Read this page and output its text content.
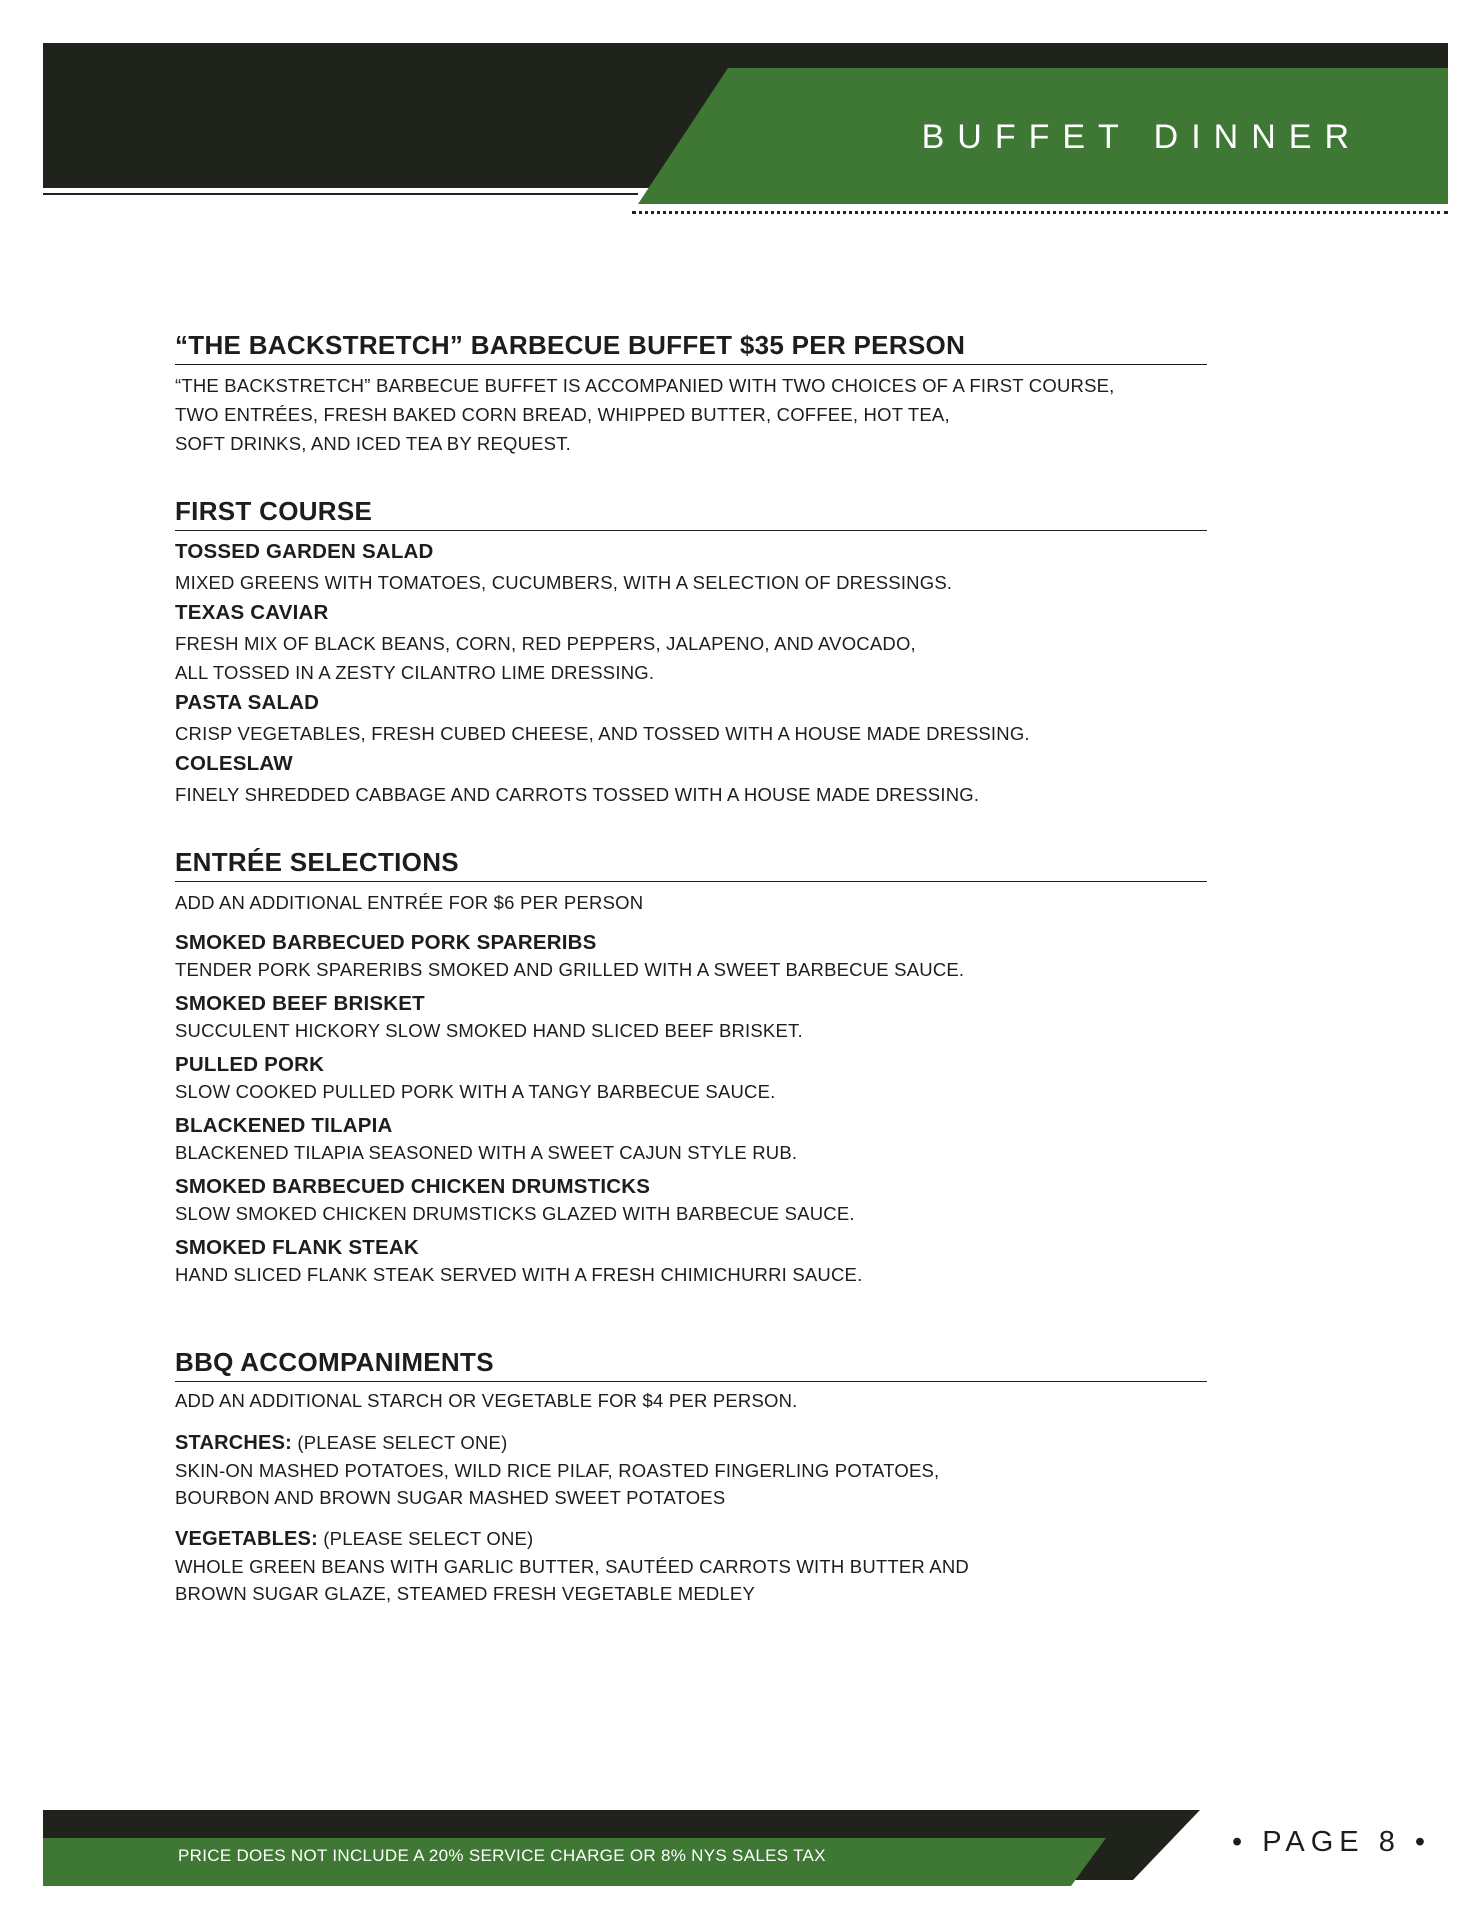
BUFFET DINNER
“THE BACKSTRETCH” BARBECUE BUFFET $35 PER PERSON

“THE BACKSTRETCH” BARBECUE BUFFET IS ACCOMPANIED WITH TWO CHOICES OF A FIRST COURSE,

TWO ENTRÉES, FRESH BAKED CORN BREAD, WHIPPED BUTTER, COFFEE, HOT TEA,

SOFT DRINKS, AND ICED TEA BY REQUEST.

FIRST COURSE

TOSSED GARDEN SALAD

MIXED GREENS WITH TOMATOES, CUCUMBERS, WITH A SELECTION OF DRESSINGS.

TEXAS CAVIAR

FRESH MIX OF BLACK BEANS, CORN, RED PEPPERS, JALAPENO, AND AVOCADO,

ALL TOSSED IN A ZESTY CILANTRO LIME DRESSING.

PASTA SALAD

CRISP VEGETABLES, FRESH CUBED CHEESE, AND TOSSED WITH A HOUSE MADE DRESSING.

COLESLAW

FINELY SHREDDED CABBAGE AND CARROTS TOSSED WITH A HOUSE MADE DRESSING.

ENTRÉE SELECTIONS

ADD AN ADDITIONAL ENTRÉE FOR $6 PER PERSON

SMOKED BARBECUED PORK SPARERIBS

TENDER PORK SPARERIBS SMOKED AND GRILLED WITH A SWEET BARBECUE SAUCE.

SMOKED BEEF BRISKET

SUCCULENT HICKORY SLOW SMOKED HAND SLICED BEEF BRISKET.

PULLED PORK

SLOW COOKED PULLED PORK WITH A TANGY BARBECUE SAUCE.

BLACKENED TILAPIA

BLACKENED TILAPIA SEASONED WITH A SWEET CAJUN STYLE RUB.

SMOKED BARBECUED CHICKEN DRUMSTICKS

SLOW SMOKED CHICKEN DRUMSTICKS GLAZED WITH BARBECUE SAUCE.

SMOKED FLANK STEAK

HAND SLICED FLANK STEAK SERVED WITH A FRESH CHIMICHURRI SAUCE.

BBQ ACCOMPANIMENTS

ADD AN ADDITIONAL STARCH OR VEGETABLE FOR $4 PER PERSON.

STARCHES: (PLEASE SELECT ONE)

SKIN-ON MASHED POTATOES, WILD RICE PILAF, ROASTED FINGERLING POTATOES,

BOURBON AND BROWN SUGAR MASHED SWEET POTATOES

VEGETABLES: (PLEASE SELECT ONE)

WHOLE GREEN BEANS WITH GARLIC BUTTER, SAUTÉED CARROTS WITH BUTTER AND

BROWN SUGAR GLAZE, STEAMED FRESH VEGETABLE MEDLEY

PRICE DOES NOT INCLUDE A 20% SERVICE CHARGE OR 8% NYS SALES TAX	• PAGE 8 •
